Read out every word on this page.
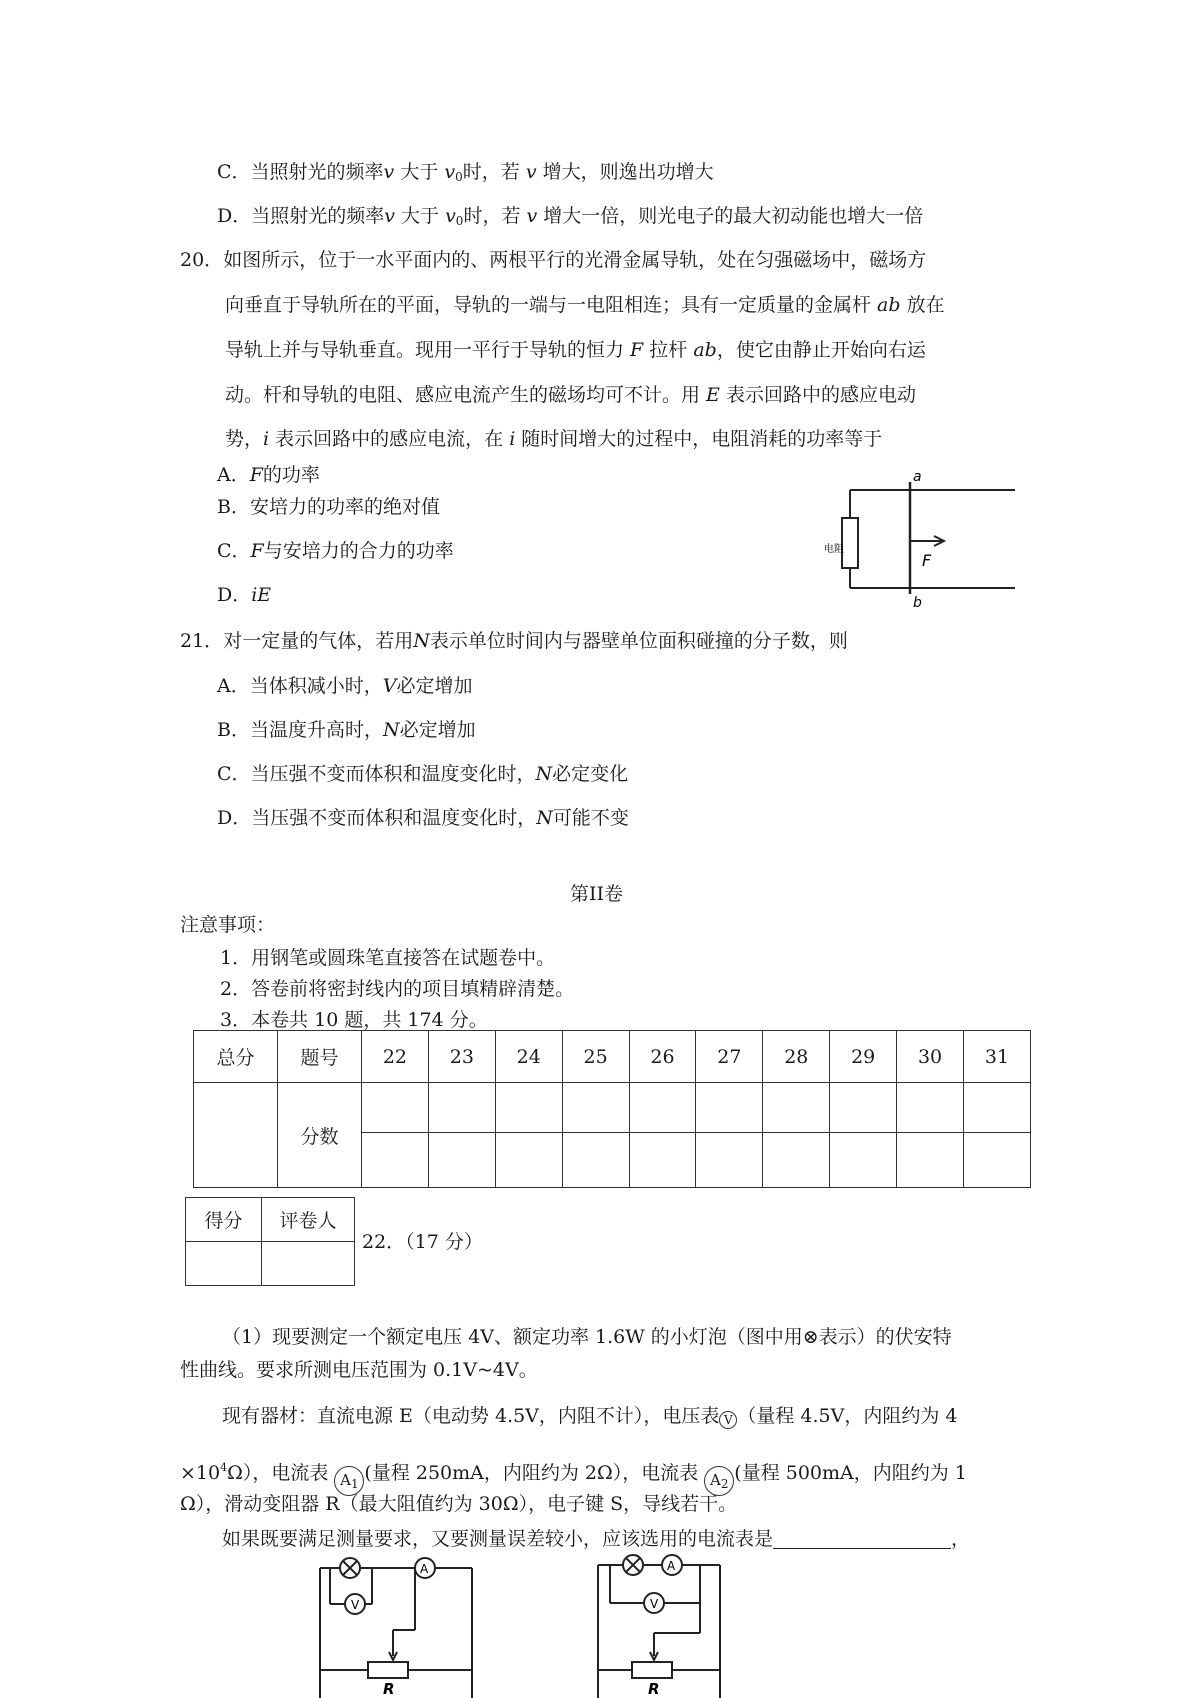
C．当照射光的频率v 大于 $v_0$时，若 v 增大，则逸出功增大
D．当照射光的频率v 大于 $v_0$时，若 v 增大一倍，则光电子的最大初动能也增大一倍
20．如图所示，位于一水平面内的、两根平行的光滑金属导轨，处在匀强磁场中，磁场方
向垂直于导轨所在的平面，导轨的一端与一电阻相连；具有一定质量的金属杆 ab 放在
导轨上并与导轨垂直。现用一平行于导轨的恒力 F 拉杆 ab，使它由静止开始向右运
动。杆和导轨的电阻、感应电流产生的磁场均可不计。用 E 表示回路中的感应电动
势，i 表示回路中的感应电流，在 i 随时间增大的过程中，电阻消耗的功率等于
A．F的功率
B．安培力的功率的绝对值
C．F与安培力的合力的功率
D．iE
a
b
F
电阻
21．对一定量的气体，若用N表示单位时间内与器壁单位面积碰撞的分子数，则
A．当体积减小时，V必定增加
B．当温度升高时，N必定增加
C．当压强不变而体积和温度变化时，N必定变化
D．当压强不变而体积和温度变化时，N可能不变
第II卷
注意事项：
1．用钢笔或圆珠笔直接答在试题卷中。
2．答卷前将密封线内的项目填精辟清楚。
3．本卷共 10 题，共 174 分。
总分	题号	22	23	24	25	26	27	28	29	30	31
	分数										

得分	评卷人

22．（17 分）
（1）现要测定一个额定电压 4V、额定功率 1.6W 的小灯泡（图中用⊗表示）的伏安特
性曲线。要求所测电压范围为 0.1V~4V。
现有器材：直流电源 E（电动势 4.5V，内阻不计），电压表 V （量程 4.5V，内阻约为 4
$\times 10^4\Omega$），电流表 $A_1$ (量程 250mA，内阻约为 2Ω），电流表 $A_2$ (量程 500mA，内阻约为 1
Ω），滑动变阻器 R（最大阻值约为 30Ω），电子键 S，导线若干。
如果既要满足测量要求，又要测量误差较小，应该选用的电流表是	，
A
V
R
A
V
R
